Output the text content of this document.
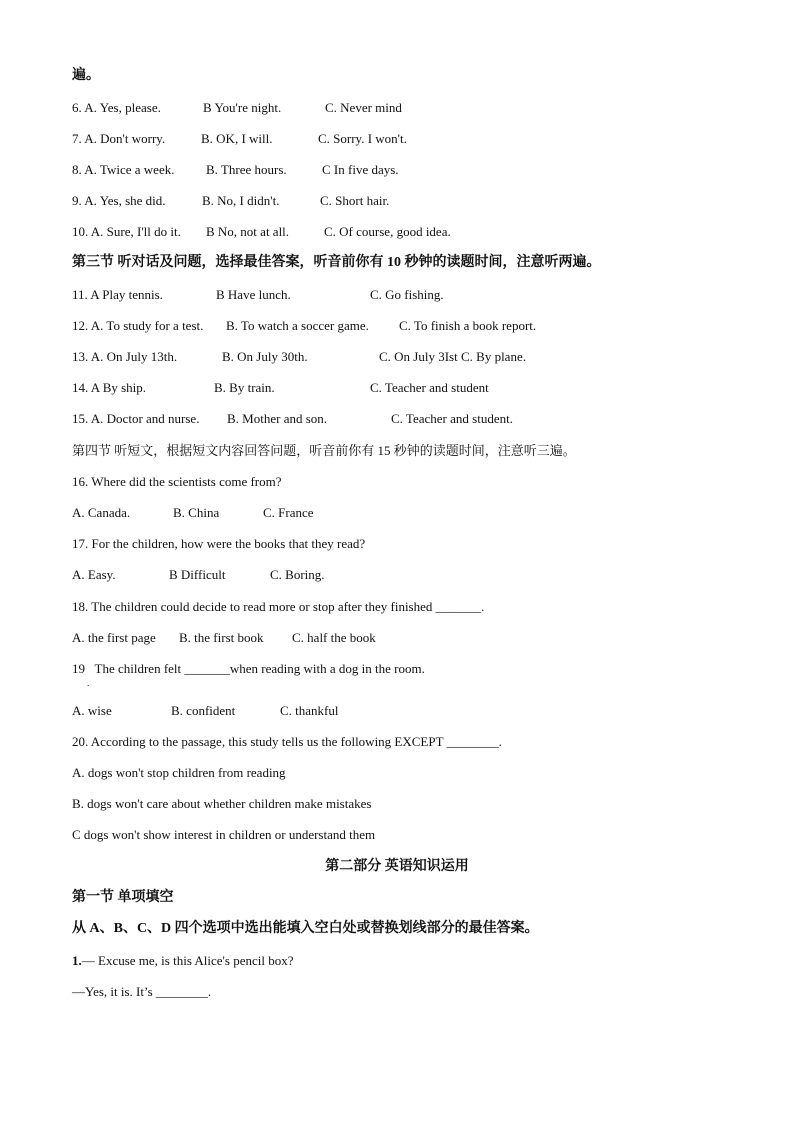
遍。
6. A. Yes, please.	B You're night.	C. Never mind
7. A. Don't worry.	B. OK, I will.	C. Sorry. I won't.
8. A. Twice a week. B. Three hours.	C In five days.
9. A. Yes, she did.	B. No, I didn't.	C. Short hair.
10. A. Sure, I'll do it. B No, not at all.	C. Of course, good idea.
第三节 听对话及问题，选择最佳答案，听音前你有 10 秒钟的读题时间，注意听两遍。
11. A Play tennis.	B Have lunch.	C. Go fishing.
12. A. To study for a test. B. To watch a soccer game. C. To finish a book report.
13. A. On July 13th.	B. On July 30th.	C. On July 3Ist C. By plane.
14. A By ship.	B. By train.	C. Teacher and student
15. A. Doctor and nurse. B. Mother and son.	C. Teacher and student.
第四节 听短文，根据短文内容回答问题，听音前你有 15 秒钟的读题时间，注意听三遍。
16. Where did the scientists come from?
A. Canada.	B. China	C. France
17. For the children, how were the books that they read?
A. Easy.	B Difficult	C. Boring.
18. The children could decide to read more or stop after they finished _______.
A. the first page B. the first book C. half the book
19   The children felt _______when reading with a dog in the room.
.
A. wise	B. confident	C. thankful
20. According to the passage, this study tells us the following EXCEPT ________.
A. dogs won't stop children from reading
B. dogs won't care about whether children make mistakes
C dogs won't show interest in children or understand them
第二部分 英语知识运用
第一节 单项填空
从 A、B、C、D 四个选项中选出能填入空白处或替换划线部分的最佳答案。
1.— Excuse me, is this Alice's pencil box?
—Yes, it is. It’s ________.
